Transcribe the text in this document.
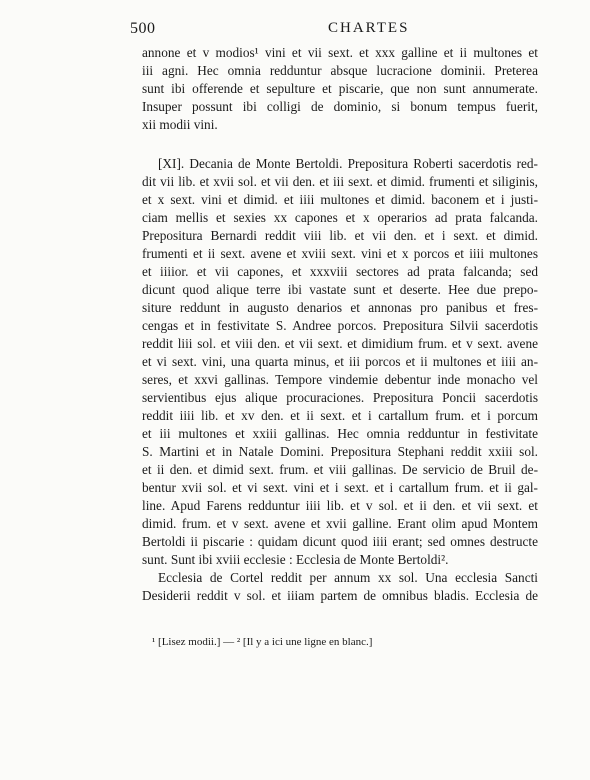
500	CHARTES

annone et v modios¹ vini et vii sext. et xxx galline et ii multones et

iii agni. Hec omnia redduntur absque lucracione dominii. Preterea

sunt ibi offerende et sepulture et piscarie, que non sunt annumerate.

Insuper possunt ibi colligi de dominio, si bonum tempus fuerit,

xii modii vini.

[XI]. Decania de Monte Bertoldi. Prepositura Roberti sacerdotis red-

dit vii lib. et xvii sol. et vii den. et iii sext. et dimid. frumenti et siliginis,

et x sext. vini et dimid. et iiii multones et dimid. baconem et i justi-

ciam mellis et sexies xx capones et x operarios ad prata falcanda.

Prepositura Bernardi reddit viii lib. et vii den. et i sext. et dimid.

frumenti et ii sext. avene et xviii sext. vini et x porcos et iiii multones

et iiiior. et vii capones, et xxxviii sectores ad prata falcanda; sed

dicunt quod alique terre ibi vastate sunt et deserte. Hee due prepo-

siture reddunt in augusto denarios et annonas pro panibus et fres-

cengas et in festivitate S. Andree porcos. Prepositura Silvii sacerdotis

reddit liii sol. et viii den. et vii sext. et dimidium frum. et v sext. avene

et vi sext. vini, una quarta minus, et iii porcos et ii multones et iiii an-

seres, et xxvi gallinas. Tempore vindemie debentur inde monacho vel

servientibus ejus alique procuraciones. Prepositura Poncii sacerdotis

reddit iiii lib. et xv den. et ii sext. et i cartallum frum. et i porcum

et iii multones et xxiii gallinas. Hec omnia redduntur in festivitate

S. Martini et in Natale Domini. Prepositura Stephani reddit xxiii sol.

et ii den. et dimid sext. frum. et viii gallinas. De servicio de Bruil de-

bentur xvii sol. et vi sext. vini et i sext. et i cartallum frum. et ii gal-

line. Apud Farens redduntur iiii lib. et v sol. et ii den. et vii sext. et

dimid. frum. et v sext. avene et xvii galline. Erant olim apud Montem

Bertoldi ii piscarie : quidam dicunt quod iiii erant; sed omnes destructe

sunt. Sunt ibi xviii ecclesie : Ecclesia de Monte Bertoldi².

Ecclesia de Cortel reddit per annum xx sol. Una ecclesia Sancti

Desiderii reddit v sol. et iiiam partem de omnibus bladis. Ecclesia de

¹ [Lisez modii.] — ² [Il y a ici une ligne en blanc.]
